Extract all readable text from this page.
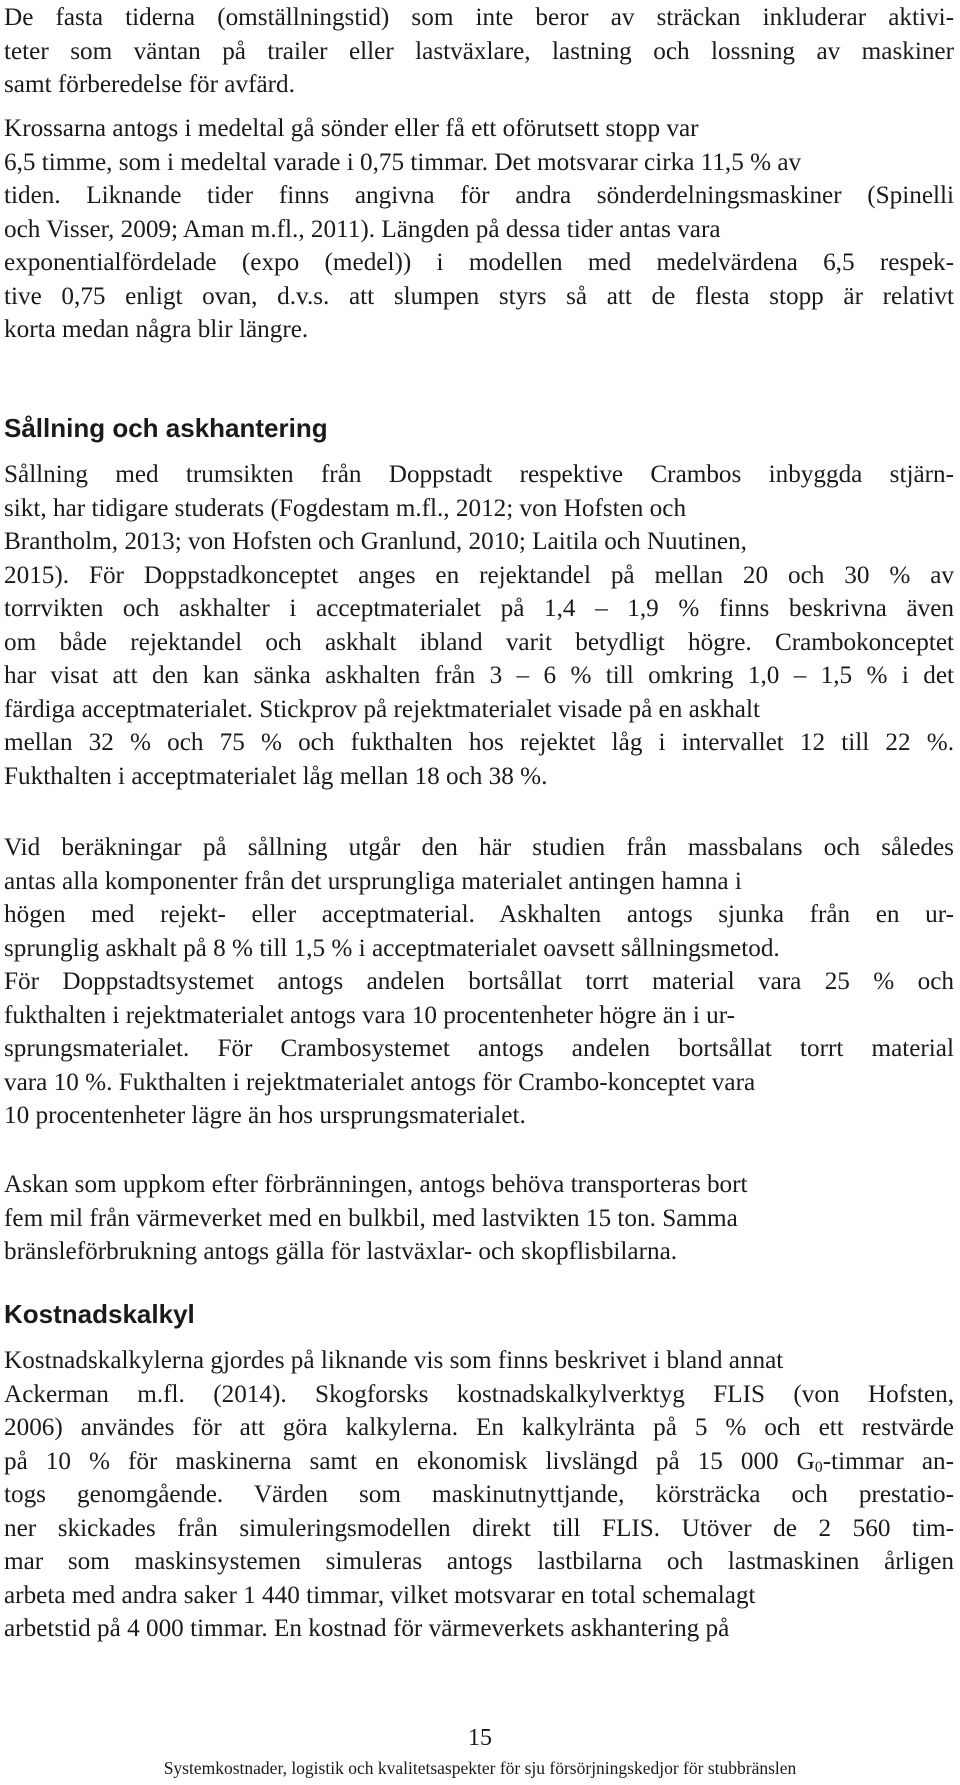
De fasta tiderna (omställningstid) som inte beror av sträckan inkluderar aktivi-
teter som väntan på trailer eller lastväxlare, lastning och lossning av maskiner
samt förberedelse för avfärd.
Krossarna antogs i medeltal gå sönder eller få ett oförutsett stopp var
6,5 timme, som i medeltal varade i 0,75 timmar. Det motsvarar cirka 11,5 % av
tiden. Liknande tider finns angivna för andra sönderdelningsmaskiner (Spinelli
och Visser, 2009; Aman m.fl., 2011). Längden på dessa tider antas vara
exponentialfördelade (expo (medel)) i modellen med medelvärdena 6,5 respek-
tive 0,75 enligt ovan, d.v.s. att slumpen styrs så att de flesta stopp är relativt
korta medan några blir längre.
Sållning och askhantering
Sållning med trumsikten från Doppstadt respektive Crambos inbyggda stjärn-
sikt, har tidigare studerats (Fogdestam m.fl., 2012; von Hofsten och
Brantholm, 2013; von Hofsten och Granlund, 2010; Laitila och Nuutinen,
2015). För Doppstadkonceptet anges en rejektandel på mellan 20 och 30 % av
torrvikten och askhalter i acceptmaterialet på 1,4 – 1,9 % finns beskrivna även
om både rejektandel och askhalt ibland varit betydligt högre. Crambokonceptet
har visat att den kan sänka askhalten från 3 – 6 % till omkring 1,0 – 1,5 % i det
färdiga acceptmaterialet. Stickprov på rejektmaterialet visade på en askhalt
mellan 32 % och 75 % och fukthalten hos rejektet låg i intervallet 12 till 22 %.
Fukthalten i acceptmaterialet låg mellan 18 och 38 %.
Vid beräkningar på sållning utgår den här studien från massbalans och således
antas alla komponenter från det ursprungliga materialet antingen hamna i
högen med rejekt- eller acceptmaterial. Askhalten antogs sjunka från en ur-
sprunglig askhalt på 8 % till 1,5 % i acceptmaterialet oavsett sållningsmetod.
För Doppstadtsystemet antogs andelen bortsållat torrt material vara 25 % och
fukthalten i rejektmaterialet antogs vara 10 procentenheter högre än i ur-
sprungsmaterialet. För Crambosystemet antogs andelen bortsållat torrt material
vara 10 %. Fukthalten i rejektmaterialet antogs för Crambo-konceptet vara
10 procentenheter lägre än hos ursprungsmaterialet.
Askan som uppkom efter förbränningen, antogs behöva transporteras bort
fem mil från värmeverket med en bulkbil, med lastvikten 15 ton. Samma
bränsleförbrukning antogs gälla för lastväxlar- och skopflisbilarna.
Kostnadskalkyl
Kostnadskalkylerna gjordes på liknande vis som finns beskrivet i bland annat
Ackerman m.fl. (2014). Skogforsks kostnadskalkylverktyg FLIS (von Hofsten,
2006) användes för att göra kalkylerna. En kalkylränta på 5 % och ett restvärde
på 10 % för maskinerna samt en ekonomisk livslängd på 15 000 $G_0$-timmar an-
togs genomgående. Värden som maskinutnyttjande, körsträcka och prestatio-
ner skickades från simuleringsmodellen direkt till FLIS. Utöver de 2 560 tim-
mar som maskinsystemen simuleras antogs lastbilarna och lastmaskinen årligen
arbeta med andra saker 1 440 timmar, vilket motsvarar en total schemalagt
arbetstid på 4 000 timmar. En kostnad för värmeverkets askhantering på
15
Systemkostnader, logistik och kvalitetsaspekter för sju försörjningskedjor för stubbränslen
